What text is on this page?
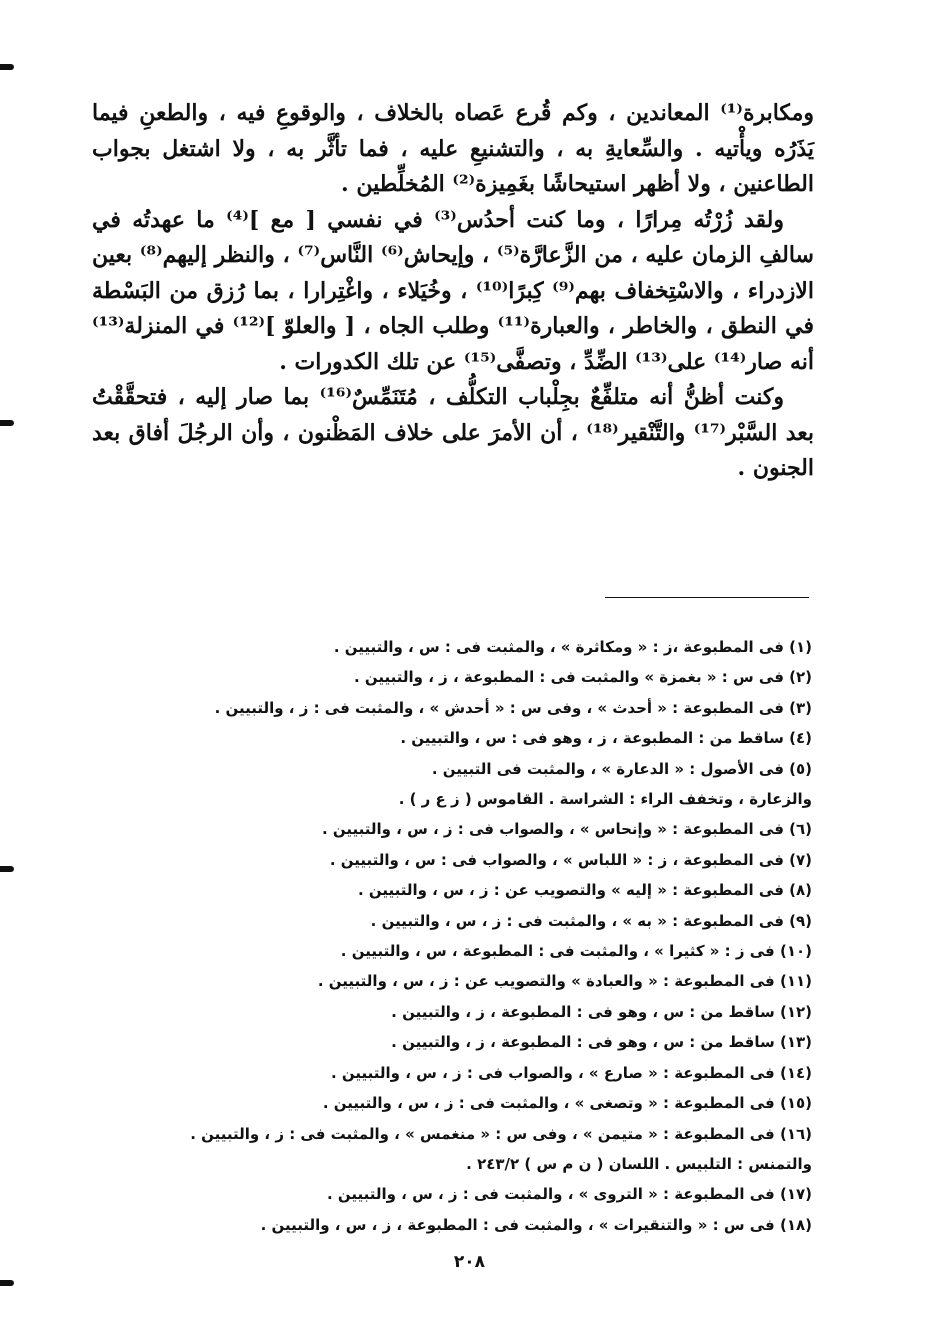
ومكابرة⁽¹⁾ المعاندين ، وكم قُرع عَصاه بالخلاف ، والوقوعِ فيه ، والطعنِ فيما يَذَرُه ويأْتيه . والسِّعايةِ به ، والتشنيعِ عليه ، فما تأثَّر به ، ولا اشتغل بجواب الطاعنين ، ولا أظهر استيحاشًا بغَمِيزة⁽²⁾ المُخلِّطين .

ولقد زُرْتُه مِرارًا ، وما كنت أحدُس⁽³⁾ في نفسي [ مع ]⁽⁴⁾ ما عهدتُه في سالفِ الزمان عليه ، من الزَّعارَّة⁽⁵⁾ ، وإيحاش⁽⁶⁾ النَّاس⁽⁷⁾ ، والنظر إليهم⁽⁸⁾ بعين الازدراء ، والاسْتِخفاف بهم⁽⁹⁾ كِبرًا⁽¹⁰⁾ ، وخُيَلاء ، واغْتِرارا ، بما رُزق من البَسْطة في النطق ، والخاطر ، والعبارة⁽¹¹⁾ وطلب الجاه ، [ والعلوّ ]⁽¹²⁾ في المنزلة⁽¹³⁾ أنه صار⁽¹⁴⁾ على⁽¹³⁾ الضِّدِّ ، وتصفَّى⁽¹⁵⁾ عن تلك الكدورات .

وكنت أظنُّ أنه متلفِّعٌ بجِلْباب التكلُّف ، مُتَنَمِّسٌ⁽¹⁶⁾ بما صار إليه ، فتحقَّقْتُ بعد السَّبْر⁽¹⁷⁾ والتَّنْقير⁽¹⁸⁾ ، أن الأمرَ على خلاف المَظْنون ، وأن الرجُلَ أفاق بعد الجنون .

(١) فى المطبوعة ،ز : « ومكاثرة » ، والمثبت فى : س ، والتبيين .

(٢) فى س : « بغمزة » والمثبت فى : المطبوعة ، ز ، والتبيين .

(٣) فى المطبوعة : « أحدث » ، وفى س : « أحدش » ، والمثبت فى : ز ، والتبيين .

(٤) ساقط من : المطبوعة ، ز ، وهو فى : س ، والتبيين .

(٥) فى الأصول : « الدعارة » ، والمثبت فى التبيين .

والزعارة ، وتخفف الراء : الشراسة . القاموس ( ز ع ر ) .

(٦) فى المطبوعة : « وإنحاس » ، والصواب فى : ز ، س ، والتبيين .

(٧) فى المطبوعة ، ز : « اللباس » ، والصواب فى : س ، والتبيين .

(٨) فى المطبوعة : « إليه » والتصويب عن : ز ، س ، والتبيين .

(٩) فى المطبوعة : « به » ، والمثبت فى : ز ، س ، والتبيين .

(١٠) فى ز : « كثيرا » ، والمثبت فى : المطبوعة ، س ، والتبيين .

(١١) فى المطبوعة : « والعبادة » والتصويب عن : ز ، س ، والتبيين .

(١٢) ساقط من : س ، وهو فى : المطبوعة ، ز ، والتبيين .

(١٣) ساقط من : س ، وهو فى : المطبوعة ، ز ، والتبيين .

(١٤) فى المطبوعة : « صارع » ، والصواب فى : ز ، س ، والتبيين .

(١٥) فى المطبوعة : « وتصغى » ، والمثبت فى : ز ، س ، والتبيين .

(١٦) فى المطبوعة : « متيمن » ، وفى س : « منغمس » ، والمثبت فى : ز ، والتبيين .

والتمنس : التلبيس . اللسان ( ن م س ) ٢٤٣/٢ .

(١٧) فى المطبوعة : « التروى » ، والمثبت فى : ز ، س ، والتبيين .

(١٨) فى س : « والتنقيرات » ، والمثبت فى : المطبوعة ، ز ، س ، والتبيين .

٢٠٨
